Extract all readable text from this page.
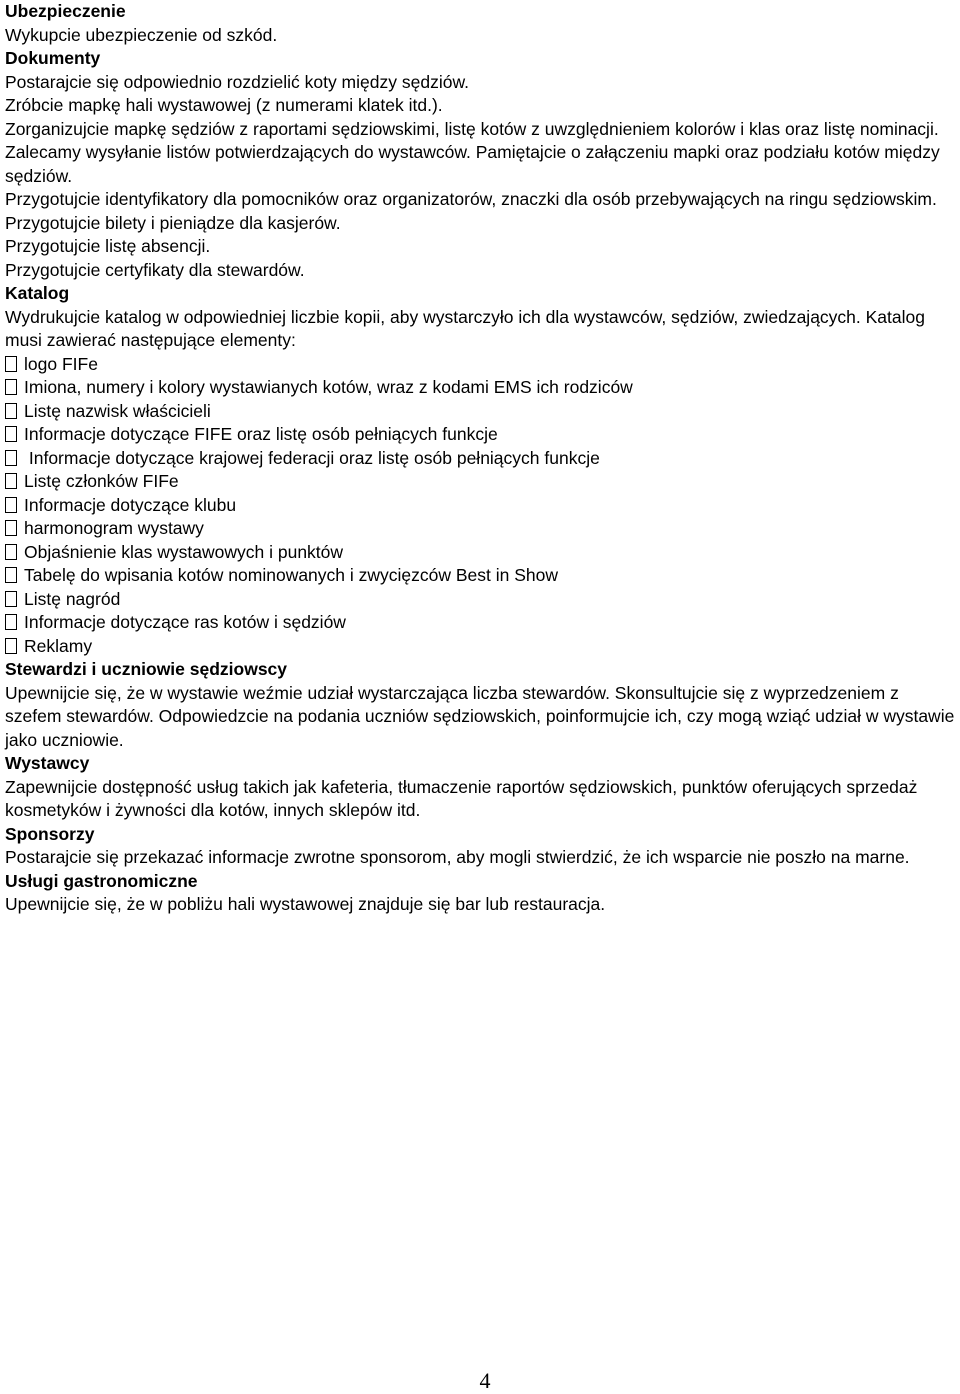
Ubezpieczenie
Wykupcie ubezpieczenie od szkód.
Dokumenty
Postarajcie się odpowiednio rozdzielić koty między sędziów.
Zróbcie mapkę hali wystawowej (z numerami klatek itd.).
Zorganizujcie mapkę sędziów z raportami sędziowskimi, listę kotów z uwzględnieniem kolorów i klas oraz listę nominacji.
Zalecamy wysyłanie listów potwierdzających do wystawców. Pamiętajcie o załączeniu mapki oraz podziału kotów między sędziów.
Przygotujcie identyfikatory dla pomocników oraz organizatorów, znaczki dla osób przebywających na ringu sędziowskim.
Przygotujcie bilety i pieniądze dla kasjerów.
Przygotujcie listę absencji.
Przygotujcie certyfikaty dla stewardów.
Katalog
Wydrukujcie katalog w odpowiedniej liczbie kopii, aby wystarczyło ich dla wystawców, sędziów, zwiedzających. Katalog musi zawierać następujące elementy:
logo FIFe
Imiona, numery i kolory wystawianych kotów, wraz z kodami EMS ich rodziców
Listę nazwisk właścicieli
Informacje dotyczące FIFE oraz listę osób pełniących funkcje
Informacje dotyczące krajowej federacji oraz listę osób pełniących funkcje
Listę członków FIFe
Informacje dotyczące klubu
harmonogram wystawy
Objaśnienie klas wystawowych i punktów
Tabelę do wpisania kotów nominowanych i zwycięzców Best in Show
Listę nagród
Informacje dotyczące ras kotów i sędziów
Reklamy
Stewardzi i uczniowie sędziowscy
Upewnijcie się, że w wystawie weźmie udział wystarczająca liczba stewardów. Skonsultujcie się z wyprzedzeniem z szefem stewardów. Odpowiedzcie na podania uczniów sędziowskich, poinformujcie ich, czy mogą wziąć udział w wystawie jako uczniowie.
Wystawcy
Zapewnijcie dostępność usług takich jak kafeteria, tłumaczenie raportów sędziowskich, punktów oferujących sprzedaż kosmetyków i żywności dla kotów, innych sklepów itd.
Sponsorzy
Postarajcie się przekazać informacje zwrotne sponsorom, aby mogli stwierdzić, że ich wsparcie nie poszło na marne.
Usługi gastronomiczne
Upewnijcie się, że w pobliżu hali wystawowej znajduje się bar lub restauracja.
4
